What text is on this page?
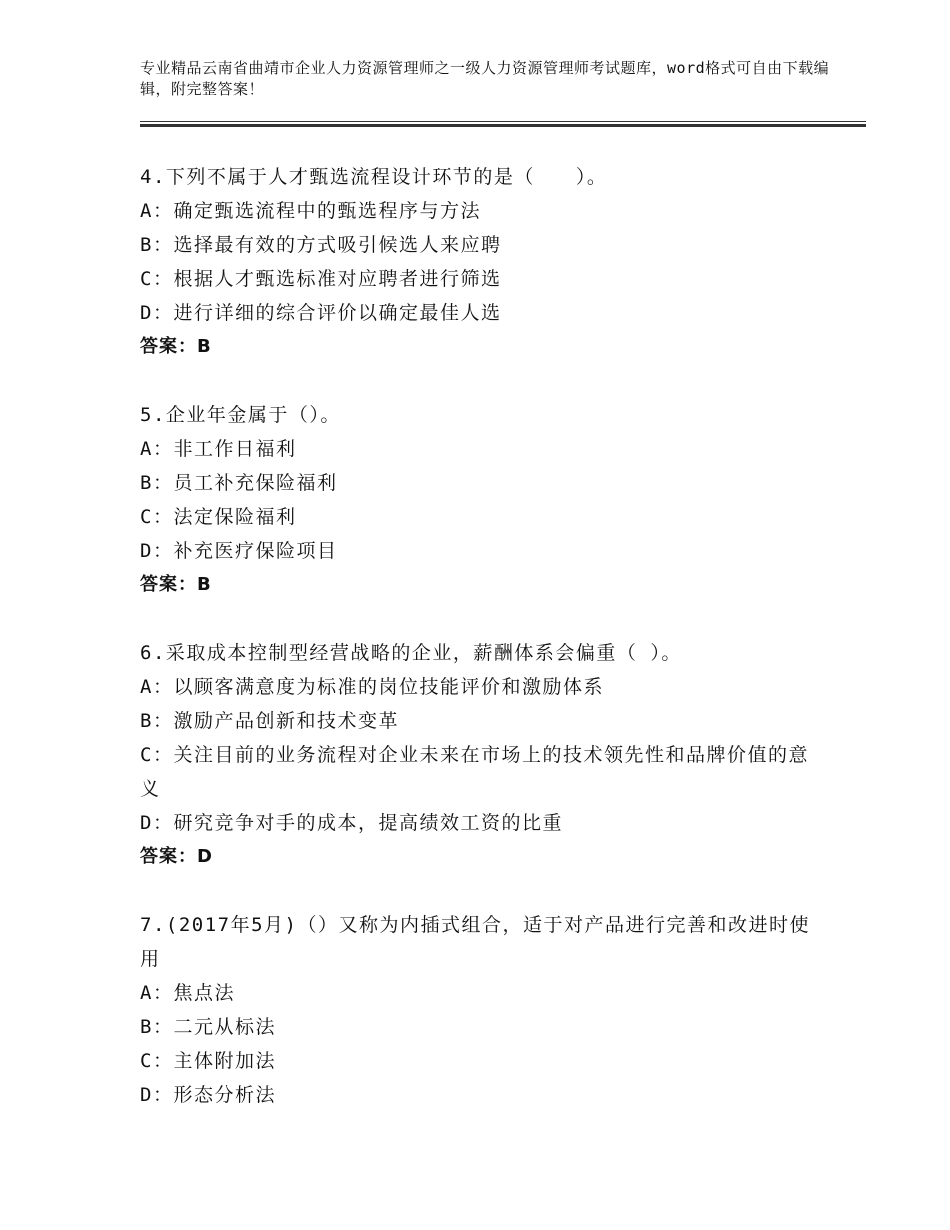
专业精品云南省曲靖市企业人力资源管理师之一级人力资源管理师考试题库，word格式可自由下载编辑，附完整答案！
4.下列不属于人才甄选流程设计环节的是（　　）。
A：确定甄选流程中的甄选程序与方法
B：选择最有效的方式吸引候选人来应聘
C：根据人才甄选标准对应聘者进行筛选
D：进行详细的综合评价以确定最佳人选
答案：B
5.企业年金属于（）。
A：非工作日福利
B：员工补充保险福利
C：法定保险福利
D：补充医疗保险项目
答案：B
6.采取成本控制型经营战略的企业，薪酬体系会偏重（ ）。
A：以顾客满意度为标准的岗位技能评价和激励体系
B：激励产品创新和技术变革
C：关注目前的业务流程对企业未来在市场上的技术领先性和品牌价值的意义
D：研究竞争对手的成本，提高绩效工资的比重
答案：D
7.(2017年5月)（）又称为内插式组合，适于对产品进行完善和改进时使用
A：焦点法
B：二元从标法
C：主体附加法
D：形态分析法
